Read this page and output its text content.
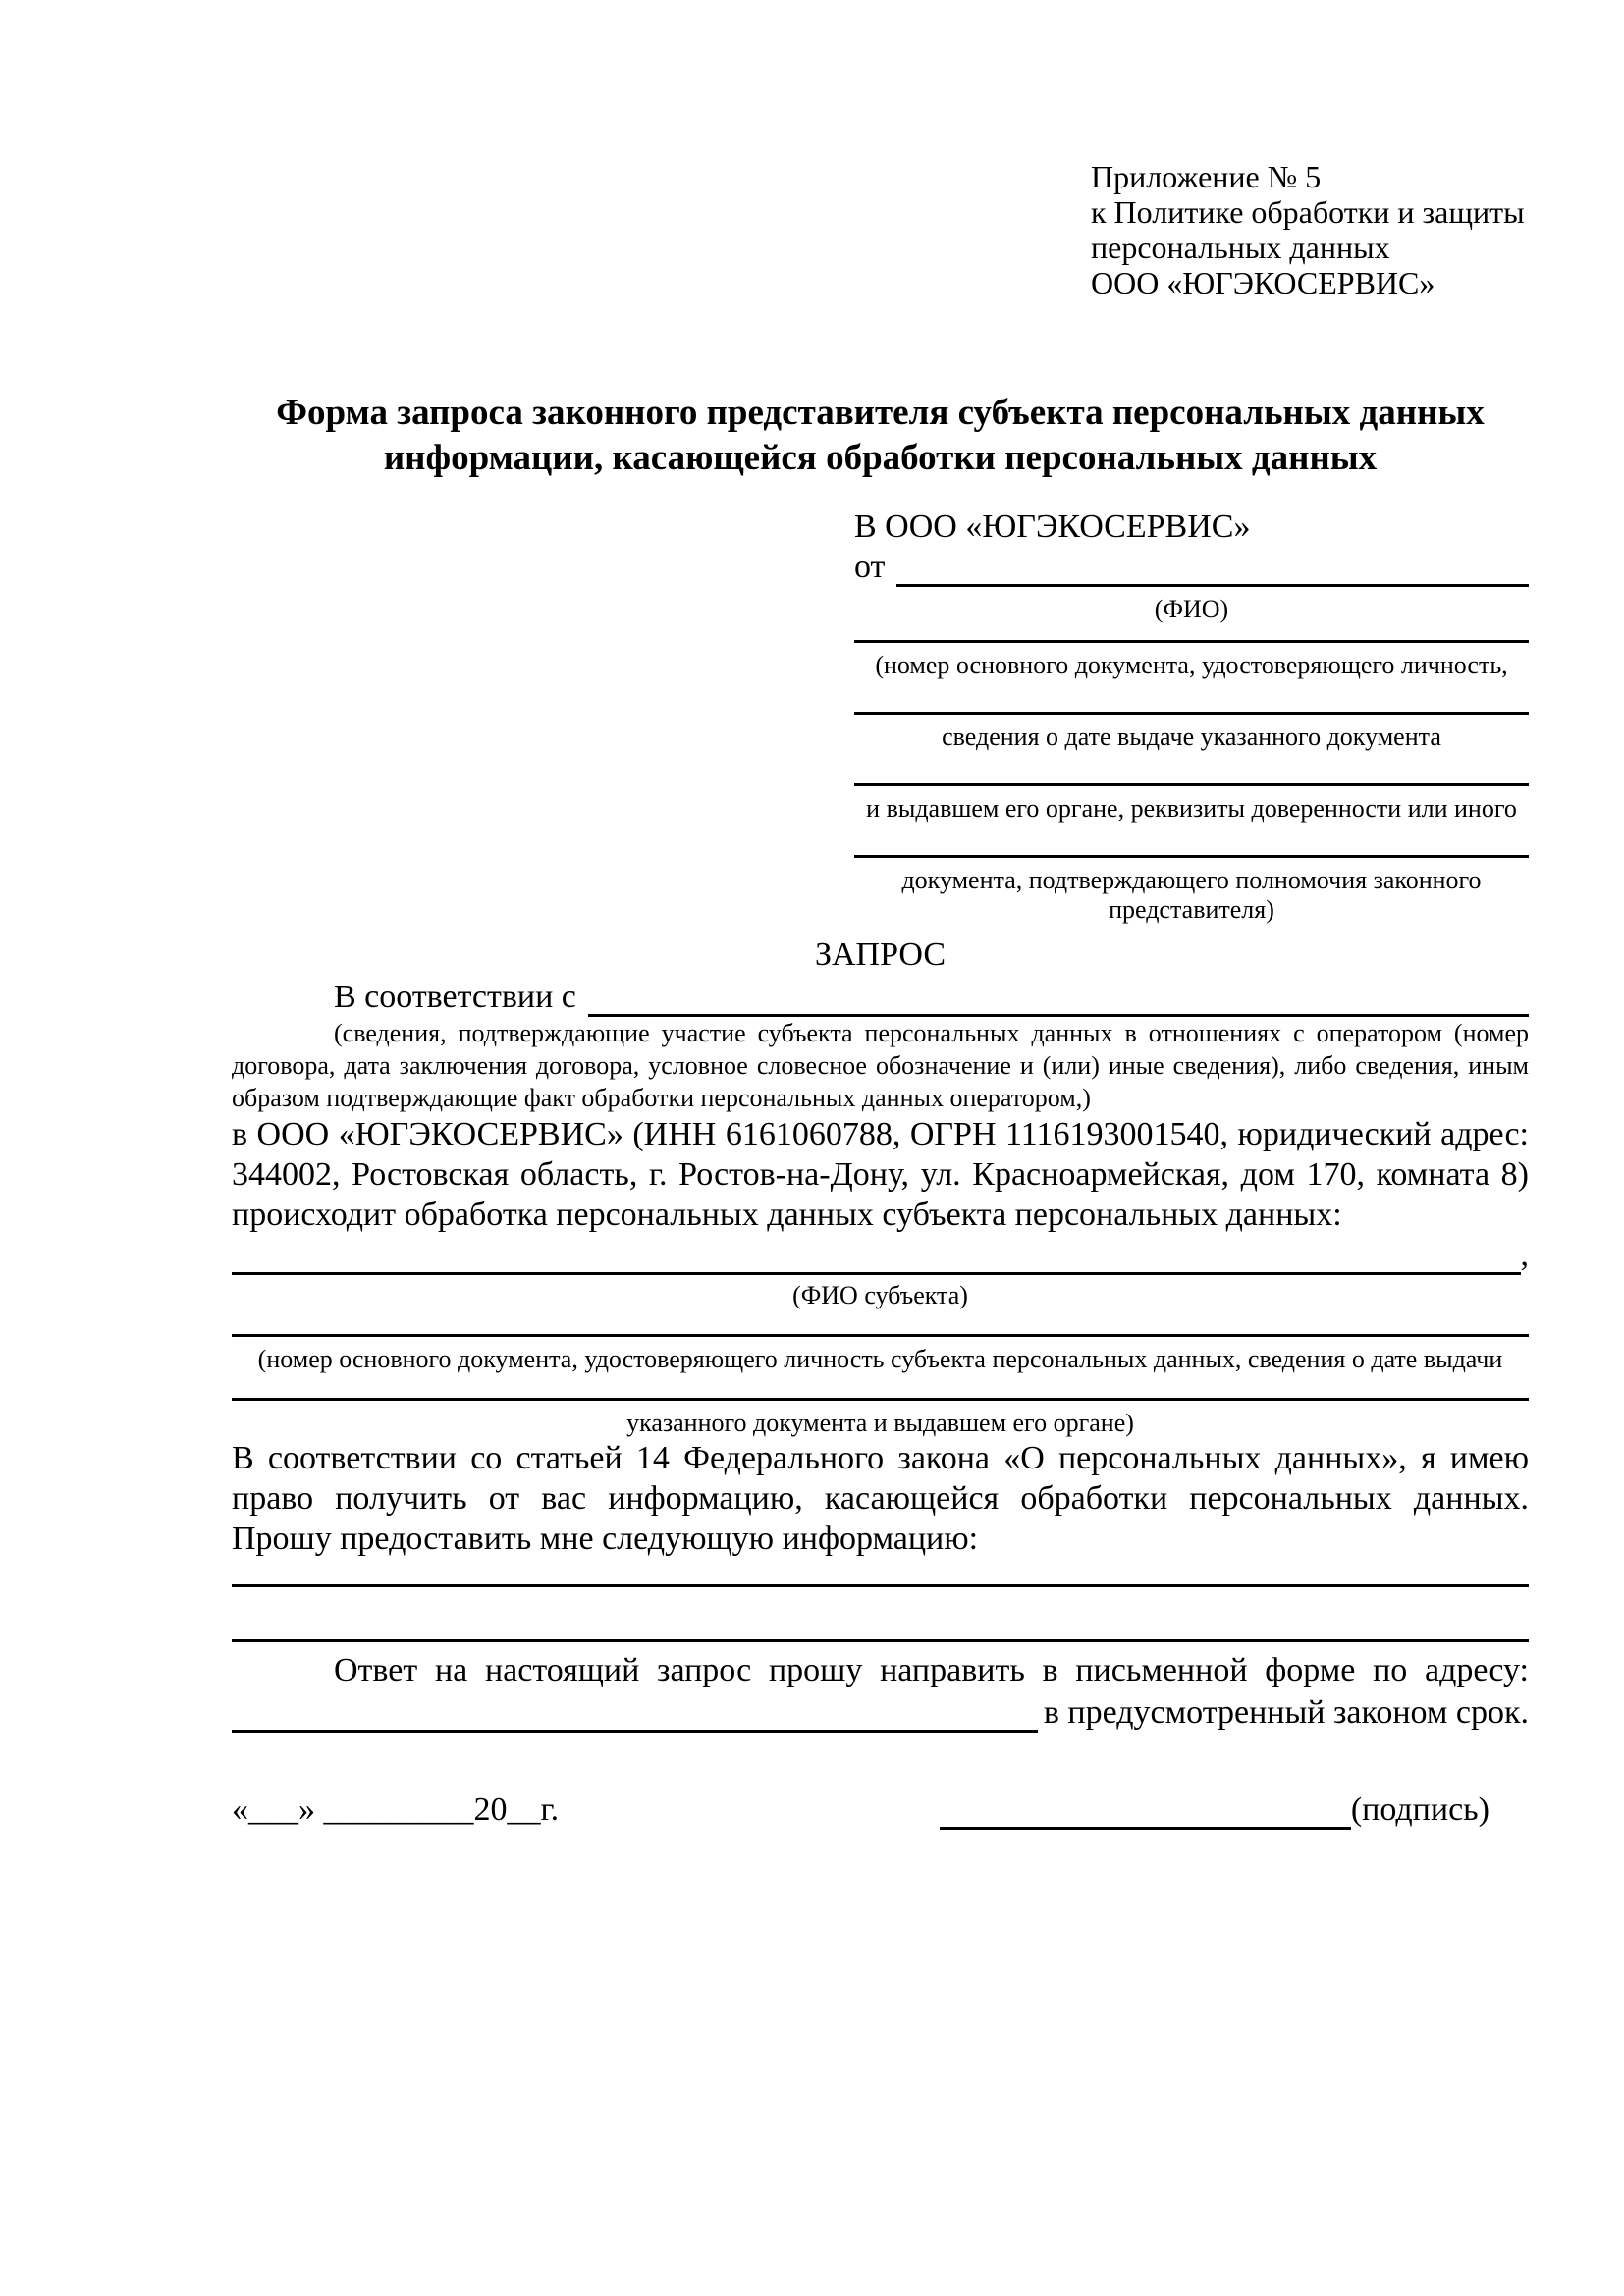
Приложение № 5
к Политике обработки и защиты
персональных данных
ООО «ЮГЭКОСЕРВИС»
Форма запроса законного представителя субъекта персональных данных
информации, касающейся обработки персональных данных
В ООО «ЮГЭКОСЕРВИС»
от
(ФИО)
(номер основного документа, удостоверяющего личность,
сведения о дате выдаче указанного документа
и выдавшем его органе, реквизиты доверенности или иного
документа, подтверждающего полномочия законного представителя)
ЗАПРОС
В соответствии с
(сведения, подтверждающие участие субъекта персональных данных в отношениях с оператором (номер договора, дата заключения договора, условное словесное обозначение и (или) иные сведения), либо сведения, иным образом подтверждающие факт обработки персональных данных оператором,)
в ООО «ЮГЭКОСЕРВИС» (ИНН 6161060788, ОГРН 1116193001540, юридический адрес: 344002, Ростовская область, г. Ростов-на-Дону, ул. Красноармейская, дом 170, комната 8) происходит обработка персональных данных субъекта персональных данных:
,
(ФИО субъекта)
(номер основного документа, удостоверяющего личность субъекта персональных данных, сведения о дате выдачи
указанного документа и выдавшем его органе)
В соответствии со статьей 14 Федерального закона «О персональных данных», я имею право получить от вас информацию, касающейся обработки персональных данных. Прошу предоставить мне следующую информацию:
Ответ на настоящий запрос прошу направить в письменной форме по адресу:
в предусмотренный законом срок.
«___» _________20__г.	(подпись)
